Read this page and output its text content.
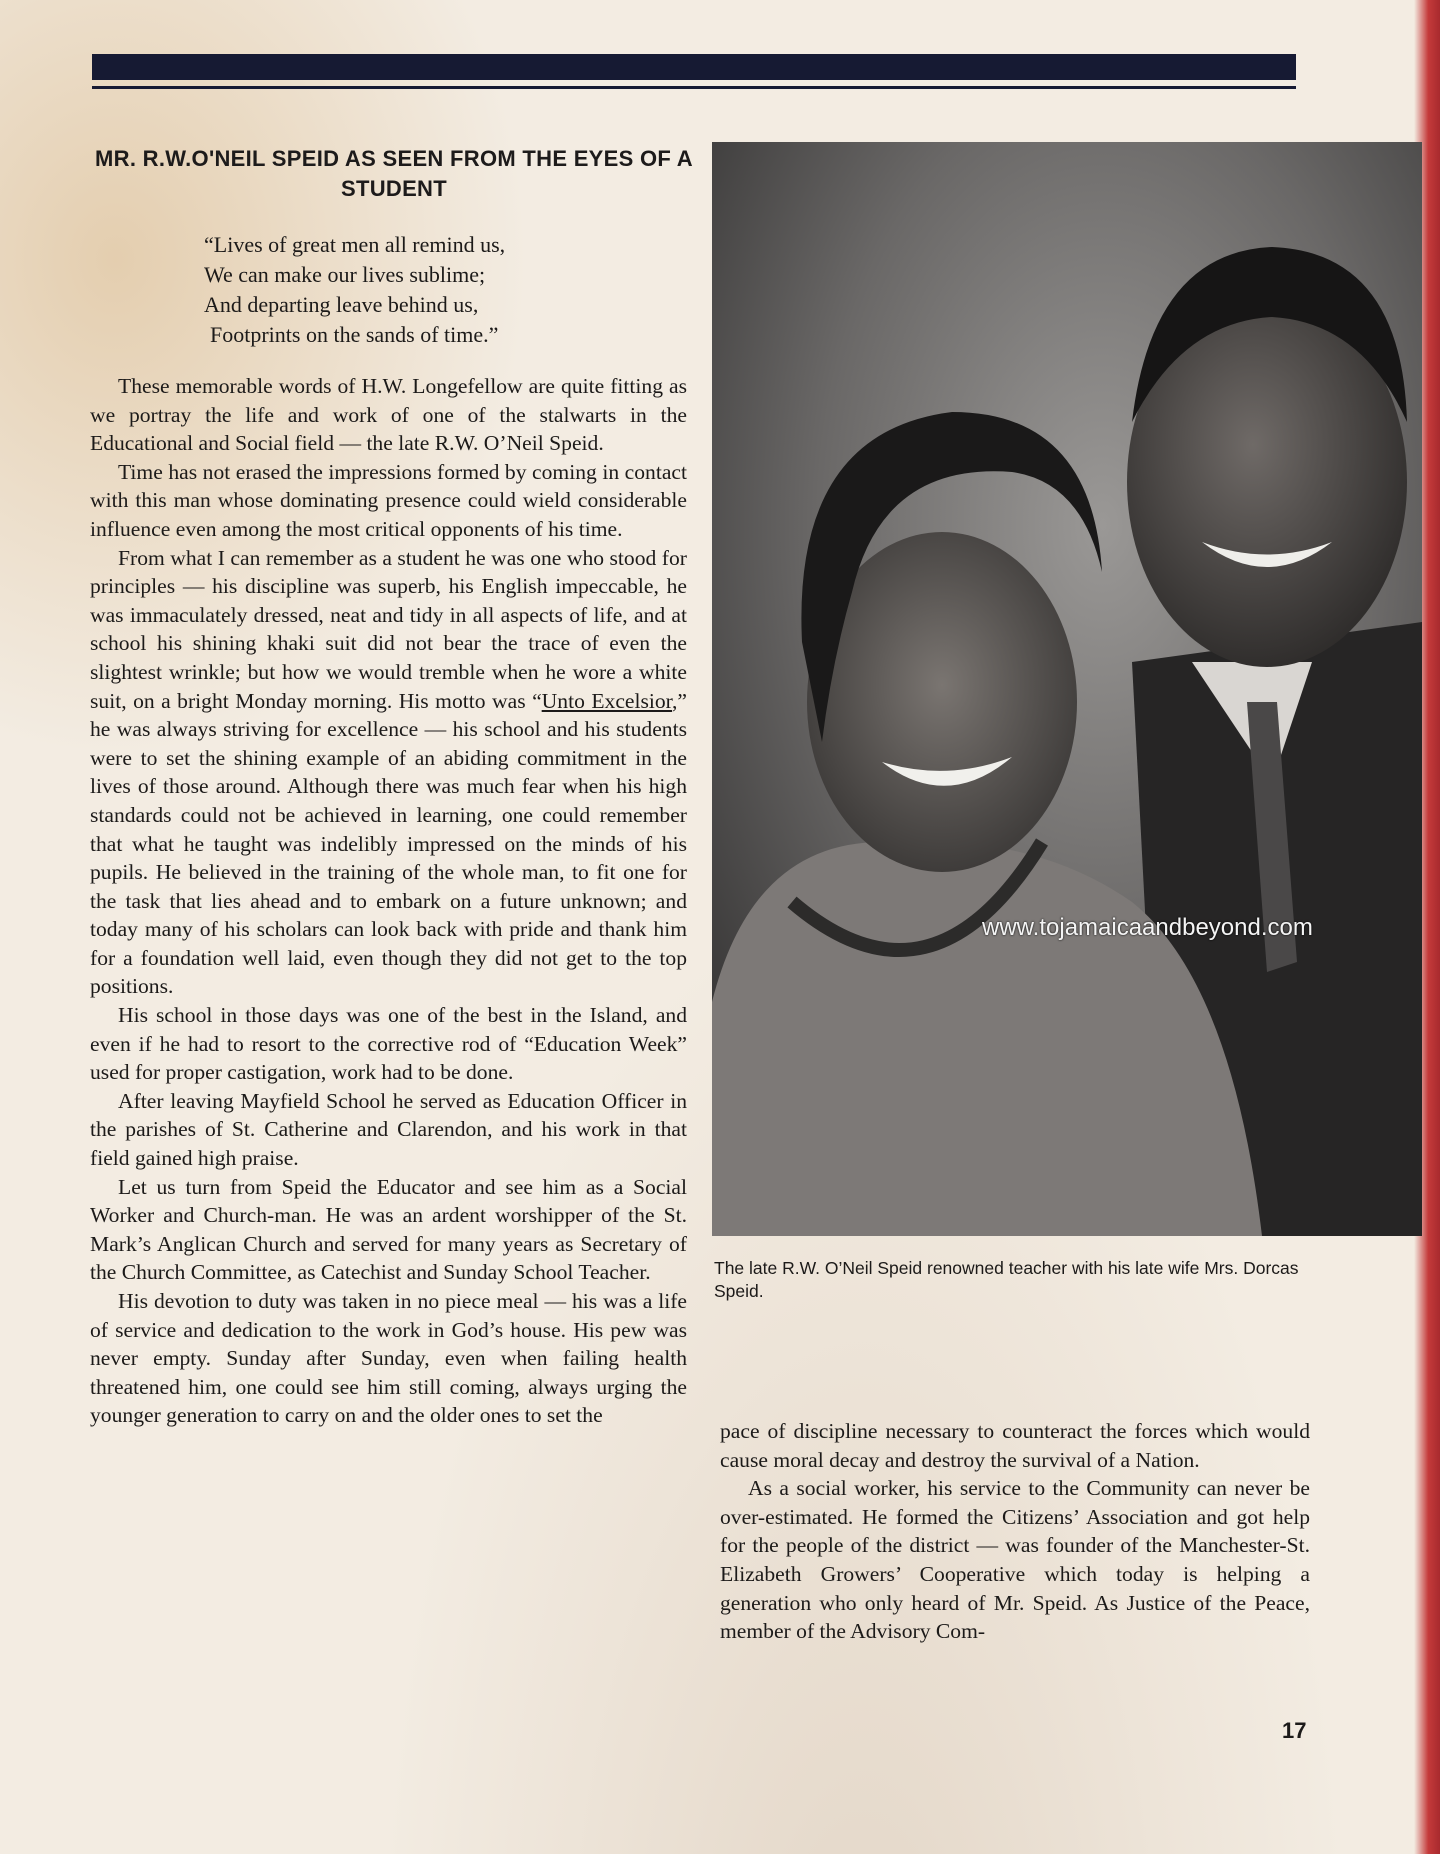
MR. R.W.O'NEIL SPEID AS SEEN FROM THE EYES OF A STUDENT
“Lives of great men all remind us,
We can make our lives sublime;
And departing leave behind us,
Footprints on the sands of time.”

These memorable words of H.W. Longefellow are quite fitting as we portray the life and work of one of the stalwarts in the Educational and Social field — the late R.W. O’Neil Speid.

Time has not erased the impressions formed by coming in contact with this man whose dominating presence could wield considerable influence even among the most critical opponents of his time.

From what I can remember as a student he was one who stood for principles — his discipline was superb, his English impeccable, he was immaculately dressed, neat and tidy in all aspects of life, and at school his shining khaki suit did not bear the trace of even the slightest wrinkle; but how we would tremble when he wore a white suit, on a bright Monday morning. His motto was “Unto Excelsior,” he was always striving for excellence — his school and his students were to set the shining example of an abiding commitment in the lives of those around. Although there was much fear when his high standards could not be achieved in learning, one could remember that what he taught was indelibly impressed on the minds of his pupils. He believed in the training of the whole man, to fit one for the task that lies ahead and to embark on a future unknown; and today many of his scholars can look back with pride and thank him for a foundation well laid, even though they did not get to the top positions.

His school in those days was one of the best in the Island, and even if he had to resort to the corrective rod of “Education Week” used for proper castigation, work had to be done.

After leaving Mayfield School he served as Education Officer in the parishes of St. Catherine and Clarendon, and his work in that field gained high praise.

Let us turn from Speid the Educator and see him as a Social Worker and Church-man. He was an ardent worshipper of the St. Mark’s Anglican Church and served for many years as Secretary of the Church Committee, as Catechist and Sunday School Teacher.

His devotion to duty was taken in no piece meal — his was a life of service and dedication to the work in God’s house. His pew was never empty. Sunday after Sunday, even when failing health threatened him, one could see him still coming, always urging the younger generation to carry on and the older ones to set the

www.tojamaicaandbeyond.com
The late R.W. O’Neil Speid renowned teacher with his late wife Mrs. Dorcas Speid.

pace of discipline necessary to counteract the forces which would cause moral decay and destroy the survival of a Nation.

As a social worker, his service to the Community can never be over-estimated. He formed the Citizens’ Association and got help for the people of the district — was founder of the Manchester-St. Elizabeth Growers’ Cooperative which today is helping a generation who only heard of Mr. Speid. As Justice of the Peace, member of the Advisory Com-

17
